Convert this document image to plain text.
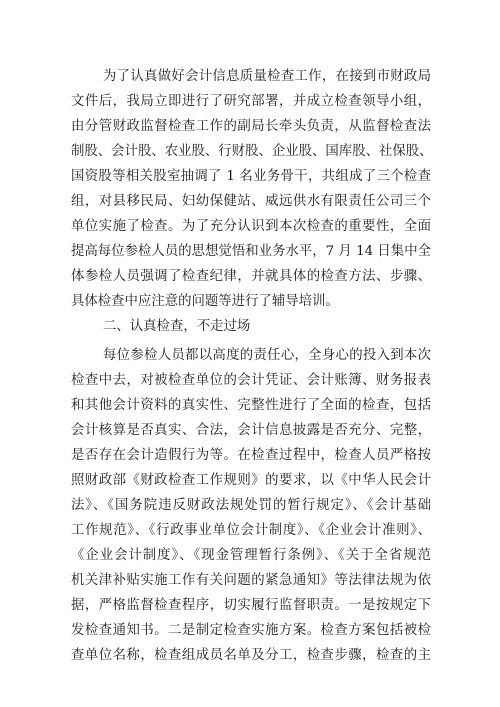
为了认真做好会计信息质量检查工作，在接到市财政局
文件后，我局立即进行了研究部署，并成立检查领导小组，
由分管财政监督检查工作的副局长牵头负责，从监督检查法
制股、会计股、农业股、行财股、企业股、国库股、社保股、
国资股等相关股室抽调了 1 名业务骨干，共组成了三个检查
组，对县移民局、妇幼保健站、威远供水有限责任公司三个
单位实施了检查。为了充分认识到本次检查的重要性，全面
提高每位参检人员的思想觉悟和业务水平，7 月 14 日集中全
体参检人员强调了检查纪律，并就具体的检查方法、步骤、
具体检查中应注意的问题等进行了辅导培训。
二、认真检查，不走过场
每位参检人员都以高度的责任心，全身心的投入到本次
检查中去，对被检查单位的会计凭证、会计账簿、财务报表
和其他会计资料的真实性、完整性进行了全面的检查，包括
会计核算是否真实、合法，会计信息披露是否充分、完整，
是否存在会计造假行为等。在检查过程中，检查人员严格按
照财政部《财政检查工作规则》的要求，以《中华人民会计
法》、《国务院违反财政法规处罚的暂行规定》、《会计基础
工作规范》、《行政事业单位会计制度》、《企业会计准则》、
《企业会计制度》、《现金管理暂行条例》、《关于全省规范
机关津补贴实施工作有关问题的紧急通知》等法律法规为依
据，严格监督检查程序，切实履行监督职责。一是按规定下
发检查通知书。二是制定检查实施方案。检查方案包括被检
查单位名称，检查组成员名单及分工，检查步骤，检查的主
